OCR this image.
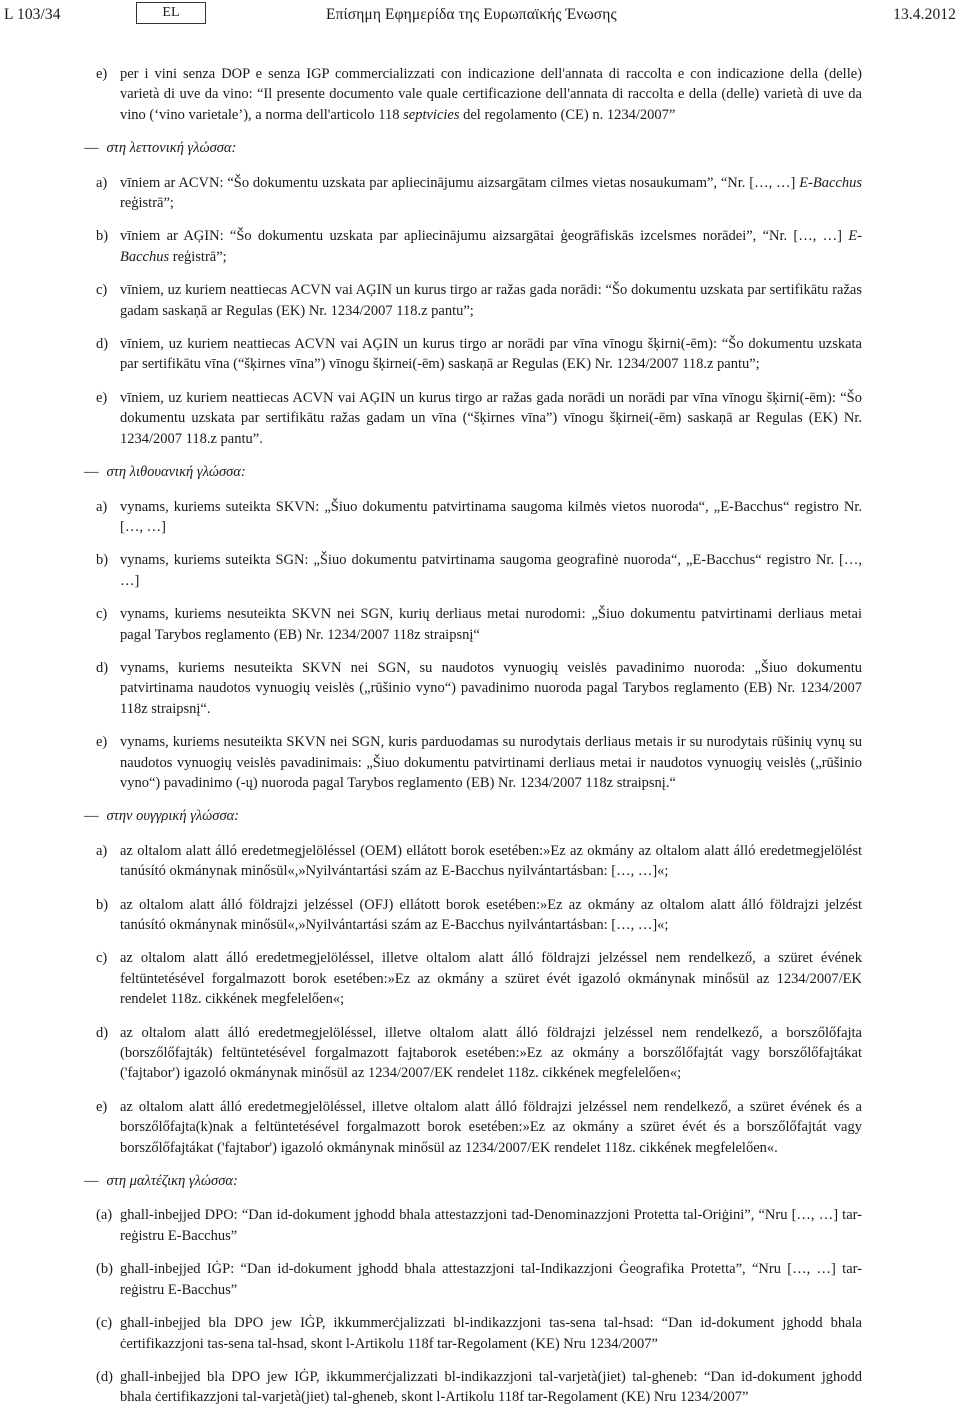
L 103/34	EL	Επίσημη Εφημερίδα της Ευρωπαϊκής Ένωσης	13.4.2012
e) per i vini senza DOP e senza IGP commercializzati con indicazione dell'annata di raccolta e con indicazione della (delle) varietà di uve da vino: “Il presente documento vale quale certificazione dell'annata di raccolta e della (delle) varietà di uve da vino (‘vino varietale’), a norma dell'articolo 118 septvicies del regolamento (CE) n. 1234/2007”
— στη λεττονική γλώσσα:
a) vīniem ar ACVN: “Šo dokumentu uzskata par apliecinājumu aizsargātam cilmes vietas nosaukumam”, “Nr. […, …] E-Bacchus reģistrā”;
b) vīniem ar AĢIN: “Šo dokumentu uzskata par apliecinājumu aizsargātai ģeogrāfiskās izcelsmes norādei”, “Nr. […, …] E-Bacchus reģistrā”;
c) vīniem, uz kuriem neattiecas ACVN vai AĢIN un kurus tirgo ar ražas gada norādi: “Šo dokumentu uzskata par sertifikātu ražas gadam saskaņā ar Regulas (EK) Nr. 1234/2007 118.z pantu”;
d) vīniem, uz kuriem neattiecas ACVN vai AĢIN un kurus tirgo ar norādi par vīna vīnogu šķirni(-ēm): “Šo dokumentu uzskata par sertifikātu vīna (“šķirnes vīna”) vīnogu šķirnei(-ēm) saskaņā ar Regulas (EK) Nr. 1234/2007 118.z pantu”;
e) vīniem, uz kuriem neattiecas ACVN vai AĢIN un kurus tirgo ar ražas gada norādi un norādi par vīna vīnogu šķirni(-ēm): “Šo dokumentu uzskata par sertifikātu ražas gadam un vīna (“šķirnes vīna”) vīnogu šķirnei(-ēm) saskaņā ar Regulas (EK) Nr. 1234/2007 118.z pantu”.
— στη λιθουανική γλώσσα:
a) vynams, kuriems suteikta SKVN: „Šiuo dokumentu patvirtinama saugoma kilmės vietos nuoroda“, „E-Bacchus“ registro Nr. […, …]
b) vynams, kuriems suteikta SGN: „Šiuo dokumentu patvirtinama saugoma geografinė nuoroda“, „E-Bacchus“ registro Nr. […, …]
c) vynams, kuriems nesuteikta SKVN nei SGN, kurių derliaus metai nurodomi: „Šiuo dokumentu patvirtinami derliaus metai pagal Tarybos reglamento (EB) Nr. 1234/2007 118z straipsnį“
d) vynams, kuriems nesuteikta SKVN nei SGN, su naudotos vynuogių veislės pavadinimo nuoroda: „Šiuo dokumentu patvirtinama naudotos vynuogių veislės („rūšinio vyno“) pavadinimo nuoroda pagal Tarybos reglamento (EB) Nr. 1234/2007 118z straipsnį“.
e) vynams, kuriems nesuteikta SKVN nei SGN, kuris parduodamas su nurodytais derliaus metais ir su nurodytais rūšinių vynų su naudotos vynuogių veislės pavadinimais: „Šiuo dokumentu patvirtinami derliaus metai ir naudotos vynuogių veislės („rūšinio vyno“) pavadinimo (-ų) nuoroda pagal Tarybos reglamento (EB) Nr. 1234/2007 118z straipsnį.“
— στην ουγγρική γλώσσα:
a) az oltalom alatt álló eredetmegjelöléssel (OEM) ellátott borok esetében:»Ez az okmány az oltalom alatt álló eredetmegjelölést tanúsító okmánynak minősül«,»Nyilvántartási szám az E-Bacchus nyilvántartásban: […, …]«;
b) az oltalom alatt álló földrajzi jelzéssel (OFJ) ellátott borok esetében:»Ez az okmány az oltalom alatt álló földrajzi jelzést tanúsító okmánynak minősül«,»Nyilvántartási szám az E-Bacchus nyilvántartásban: […, …]«;
c) az oltalom alatt álló eredetmegjelöléssel, illetve oltalom alatt álló földrajzi jelzéssel nem rendelkező, a szüret évének feltüntetésével forgalmazott borok esetében:»Ez az okmány a szüret évét igazoló okmánynak minősül az 1234/2007/EK rendelet 118z. cikkének megfelelően«;
d) az oltalom alatt álló eredetmegjelöléssel, illetve oltalom alatt álló földrajzi jelzéssel nem rendelkező, a borszőlőfajta (borszőlőfajták) feltüntetésével forgalmazott fajtaborok esetében:»Ez az okmány a borszőlőfajtát vagy borszőlőfajtákat ('fajtabor') igazoló okmánynak minősül az 1234/2007/EK rendelet 118z. cikkének megfelelően«;
e) az oltalom alatt álló eredetmegjelöléssel, illetve oltalom alatt álló földrajzi jelzéssel nem rendelkező, a szüret évének és a borszőlőfajta(k)nak a feltüntetésével forgalmazott borok esetében:»Ez az okmány a szüret évét és a borszőlőfajtát vagy borszőlőfajtákat ('fajtabor') igazoló okmánynak minősül az 1234/2007/EK rendelet 118z. cikkének megfelelően«.
— στη μαλτέζικη γλώσσα:
(a) ghall-inbejjed DPO: “Dan id-dokument jghodd bhala attestazzjoni tad-Denominazzjoni Protetta tal-Oriġini”, “Nru […, …] tar-reġistru E-Bacchus”
(b) ghall-inbejjed IĠP: “Dan id-dokument jghodd bhala attestazzjoni tal-Indikazzjoni Ġeografika Protetta”, “Nru […, …] tar-reġistru E-Bacchus”
(c) ghall-inbejjed bla DPO jew IĠP, ikkummerċjalizzati bl-indikazzjoni tas-sena tal-hsad: “Dan id-dokument jghodd bhala ċertifikazzjoni tas-sena tal-hsad, skont l-Artikolu 118f tar-Regolament (KE) Nru 1234/2007”
(d) ghall-inbejjed bla DPO jew IĠP, ikkummerċjalizzati bl-indikazzjoni tal-varjetà(jiet) tal-gheneb: “Dan id-dokument jghodd bhala ċertifikazzjoni tal-varjetà(jiet) tal-gheneb, skont l-Artikolu 118f tar-Regolament (KE) Nru 1234/2007”
